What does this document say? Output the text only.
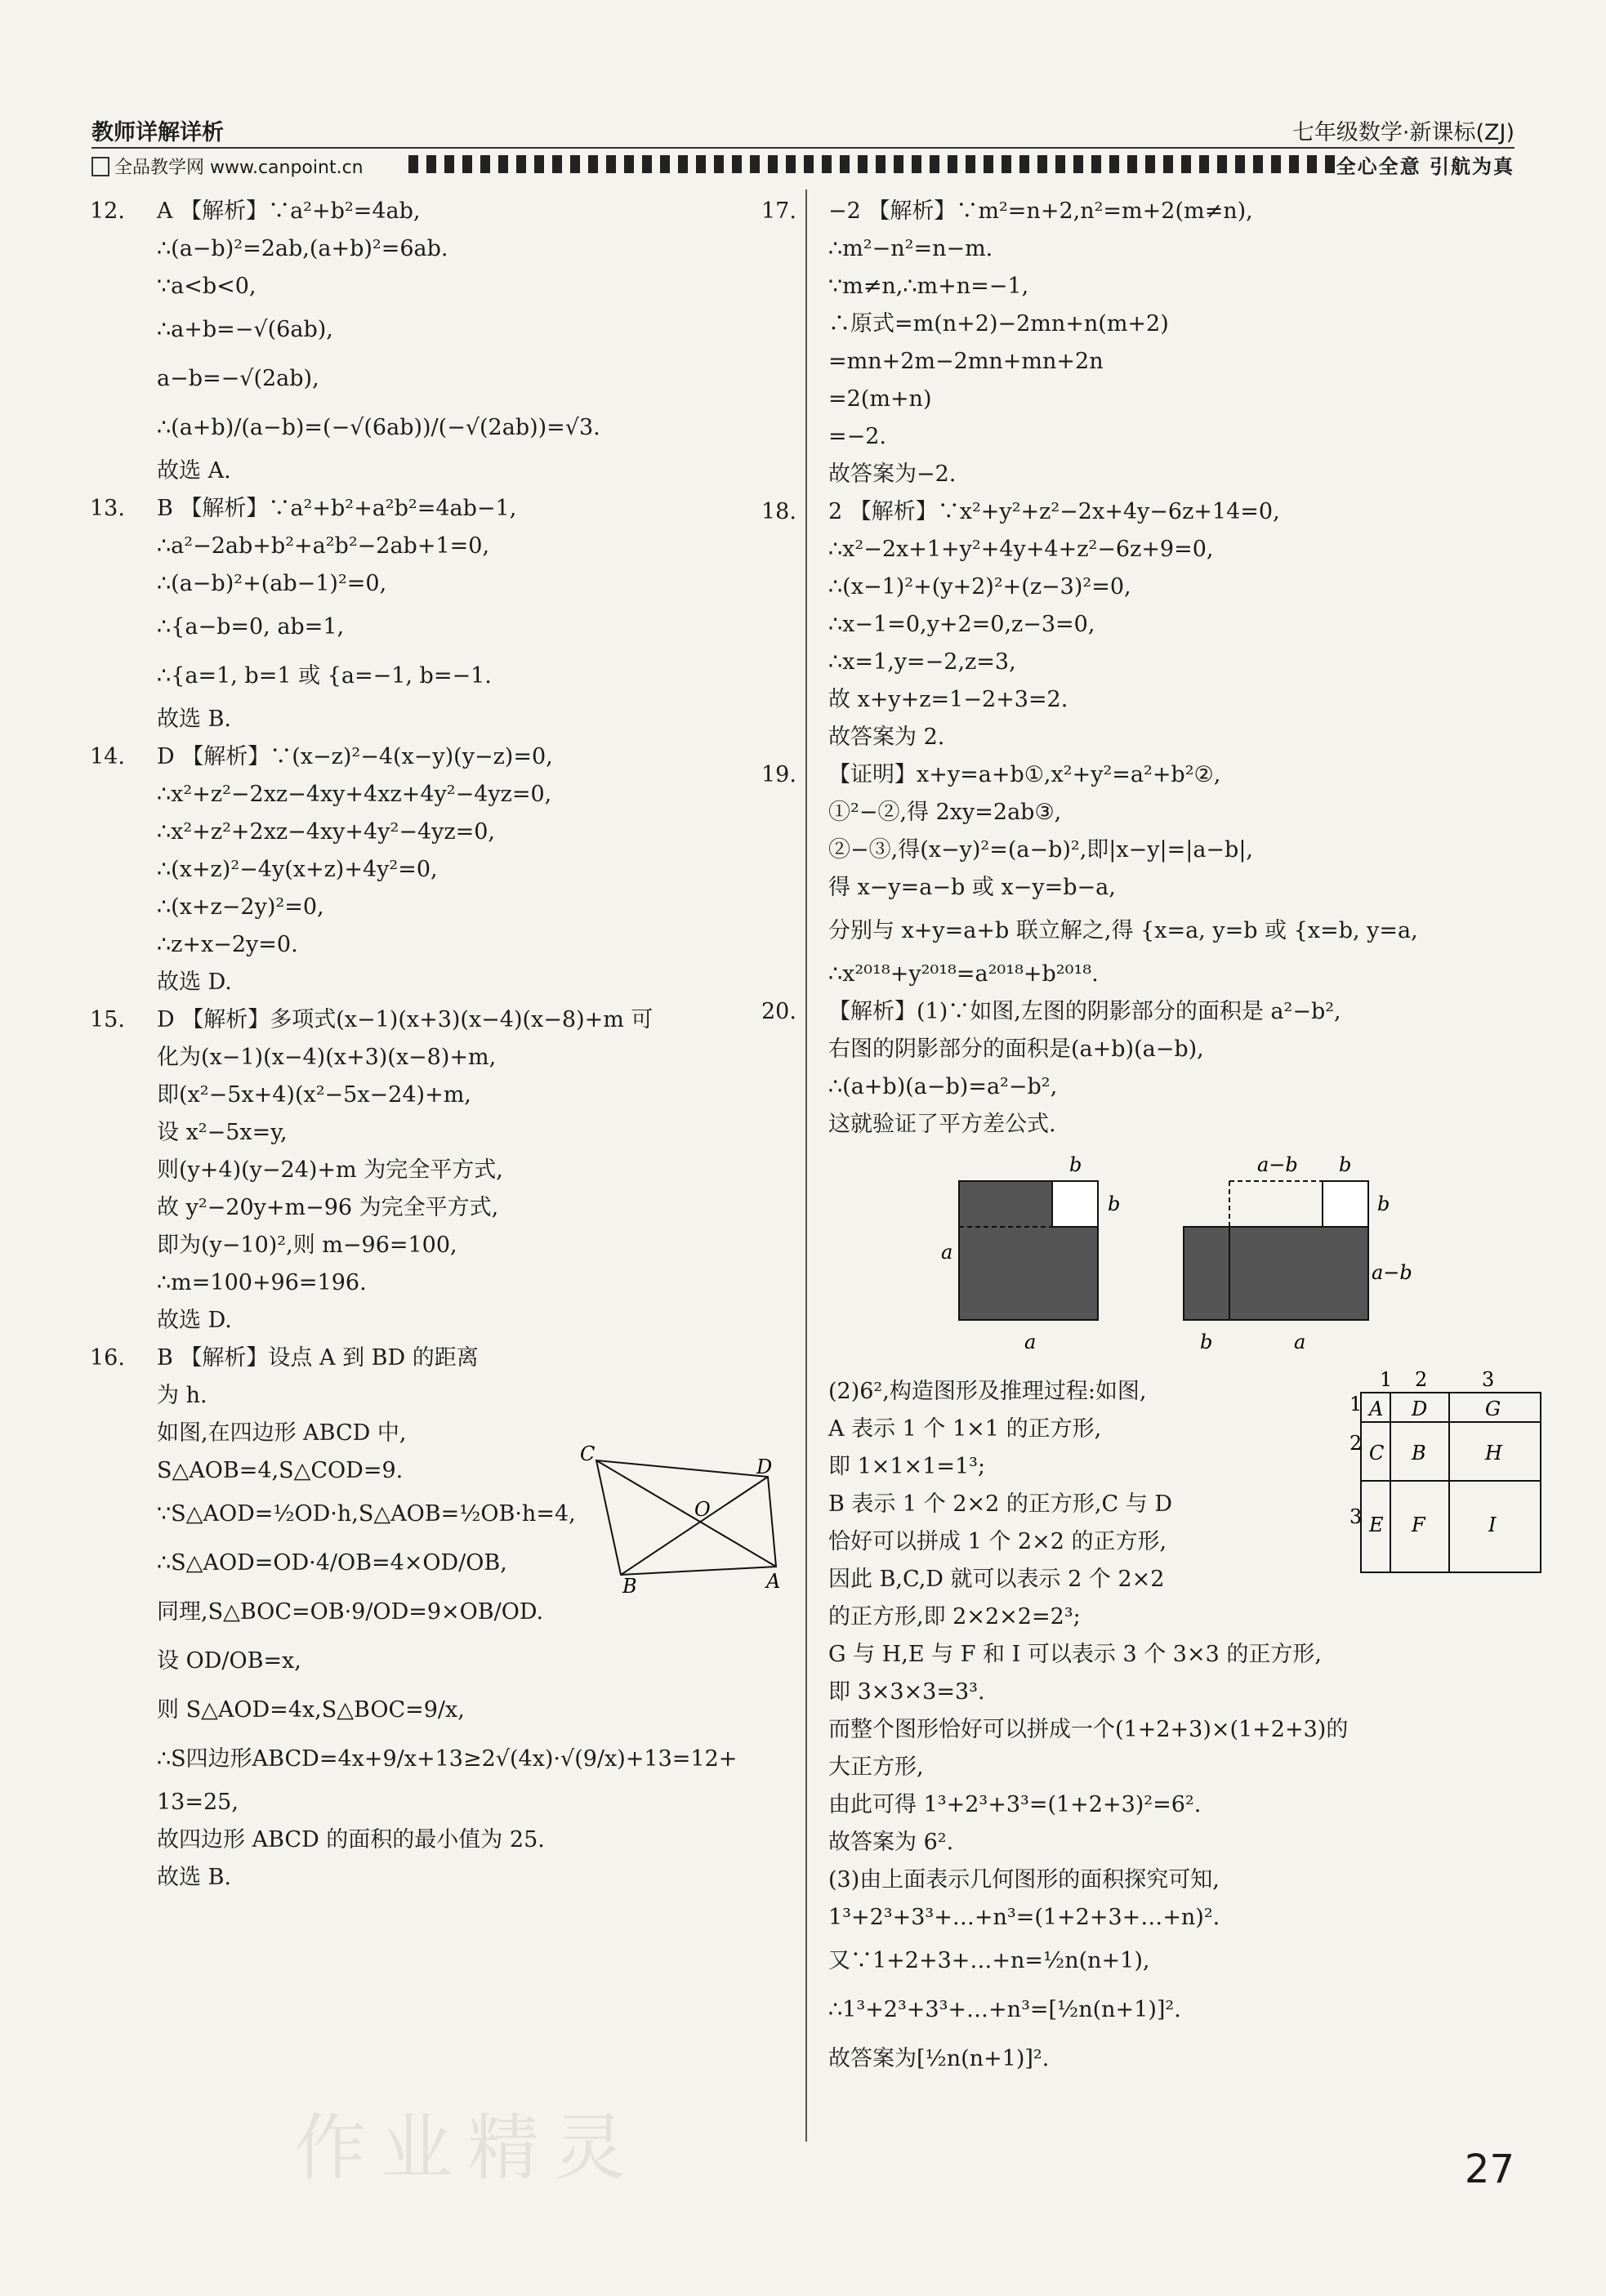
教师详解详析	七年级数学·新课标(ZJ)
全品教学网 www.canpoint.cn	全心全意 引航为真
12.	A 【解析】∵a²+b²=4ab,
∴(a−b)²=2ab,(a+b)²=6ab.
∵a<b<0,
∴a+b=−√(6ab),
a−b=−√(2ab),
∴(a+b)/(a−b)=(−√(6ab))/(−√(2ab))=√3.
故选 A.
13.	B 【解析】∵a²+b²+a²b²=4ab−1,
∴a²−2ab+b²+a²b²−2ab+1=0,
∴(a−b)²+(ab−1)²=0,
∴{a−b=0, ab=1,
∴{a=1, b=1 或 {a=−1, b=−1.
故选 B.
14.	D 【解析】∵(x−z)²−4(x−y)(y−z)=0,
∴x²+z²−2xz−4xy+4xz+4y²−4yz=0,
∴x²+z²+2xz−4xy+4y²−4yz=0,
∴(x+z)²−4y(x+z)+4y²=0,
∴(x+z−2y)²=0,
∴z+x−2y=0.
故选 D.
15.	D 【解析】多项式(x−1)(x+3)(x−4)(x−8)+m 可
化为(x−1)(x−4)(x+3)(x−8)+m,
即(x²−5x+4)(x²−5x−24)+m,
设 x²−5x=y,
则(y+4)(y−24)+m 为完全平方式,
故 y²−20y+m−96 为完全平方式,
即为(y−10)²,则 m−96=100,
∴m=100+96=196.
故选 D.
16.	B 【解析】设点 A 到 BD 的距离
为 h.
如图,在四边形 ABCD 中,
S△AOB=4,S△COD=9.
∵S△AOD=½OD·h,S△AOB=½OB·h=4,
∴S△AOD=OD·4/OB=4×OD/OB,
同理,S△BOC=OB·9/OD=9×OB/OD.
设 OD/OB=x,
则 S△AOD=4x,S△BOC=9/x,
∴S四边形ABCD=4x+9/x+13≥2√(4x)·√(9/x)+13=12+
13=25,
故四边形 ABCD 的面积的最小值为 25.
故选 B.
17.	−2 【解析】∵m²=n+2,n²=m+2(m≠n),
∴m²−n²=n−m.
∵m≠n,∴m+n=−1,
∴原式=m(n+2)−2mn+n(m+2)
=mn+2m−2mn+mn+2n
=2(m+n)
=−2.
故答案为−2.
18.	2 【解析】∵x²+y²+z²−2x+4y−6z+14=0,
∴x²−2x+1+y²+4y+4+z²−6z+9=0,
∴(x−1)²+(y+2)²+(z−3)²=0,
∴x−1=0,y+2=0,z−3=0,
∴x=1,y=−2,z=3,
故 x+y+z=1−2+3=2.
故答案为 2.
19.	【证明】x+y=a+b①,x²+y²=a²+b²②,
①²−②,得 2xy=2ab③,
②−③,得(x−y)²=(a−b)²,即|x−y|=|a−b|,
得 x−y=a−b 或 x−y=b−a,
分别与 x+y=a+b 联立解之,得 {x=a, y=b 或 {x=b, y=a,
∴x²⁰¹⁸+y²⁰¹⁸=a²⁰¹⁸+b²⁰¹⁸.
20.	【解析】(1)∵如图,左图的阴影部分的面积是 a²−b²,
右图的阴影部分的面积是(a+b)(a−b),
∴(a+b)(a−b)=a²−b²,
这就验证了平方差公式.
b
b
a
a
a−b b
b
a−b
b	a
(2)6²,构造图形及推理过程:如图,
A 表示 1 个 1×1 的正方形,
即 1×1×1=1³;
B 表示 1 个 2×2 的正方形,C 与 D
恰好可以拼成 1 个 2×2 的正方形,
因此 B,C,D 就可以表示 2 个 2×2
的正方形,即 2×2×2=2³;
G 与 H,E 与 F 和 I 可以表示 3 个 3×3 的正方形,
即 3×3×3=3³.
而整个图形恰好可以拼成一个(1+2+3)×(1+2+3)的
大正方形,
由此可得 1³+2³+3³=(1+2+3)²=6².
故答案为 6².
(3)由上面表示几何图形的面积探究可知,
1³+2³+3³+…+n³=(1+2+3+…+n)².
又∵1+2+3+…+n=½n(n+1),
∴1³+2³+3³+…+n³=[½n(n+1)]².
故答案为[½n(n+1)]².
1 2	3
1
2
3
A D	G
C B	H
E F	I
C
D
O
B	A
作业精灵	27
